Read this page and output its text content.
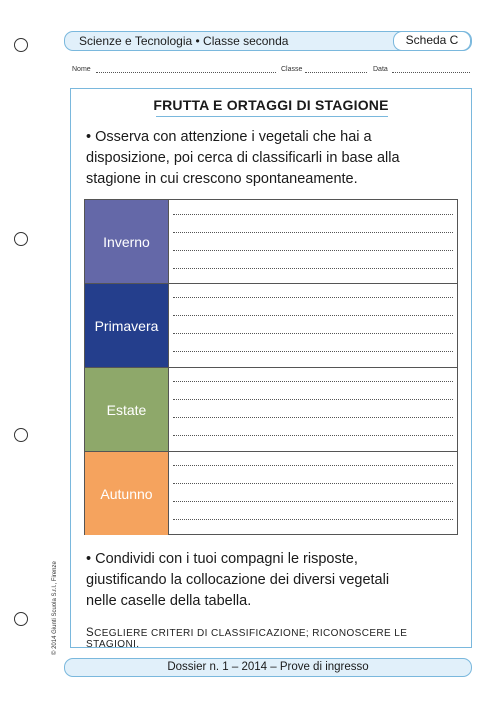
Scienze e Tecnologia • Classe seconda	Scheda C
Nome	Classe	Data
FRUTTA E ORTAGGI DI STAGIONE
• Osserva con attenzione i vegetali che hai a
disposizione, poi cerca di classificarli in base alla
stagione in cui crescono spontaneamente.
Inverno
Primavera
Estate
Autunno
• Condividi con i tuoi compagni le risposte,
giustificando la collocazione dei diversi vegetali
nelle caselle della tabella.
SCEGLIERE CRITERI DI CLASSIFICAZIONE; RICONOSCERE LE STAGIONI.
© 2014 Giunti Scuola S.r.l., Firenze
Dossier n. 1 – 2014 – Prove di ingresso
